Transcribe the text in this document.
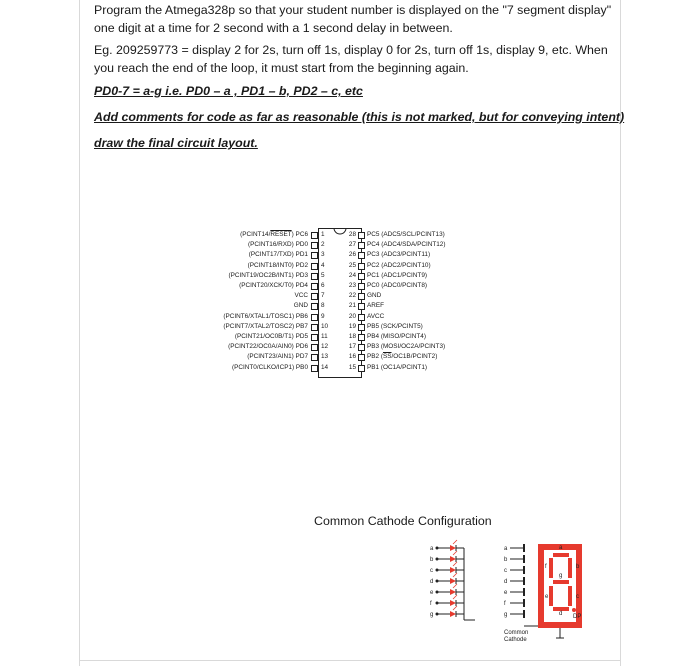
Program the Atmega328p so that your student number is displayed on the "7 segment display" one digit at a time for 2 second with a 1 second delay in between.

Eg. 209259773 = display 2 for 2s, turn off 1s, display 0 for 2s, turn off 1s, display 9, etc. When you reach the end of the loop, it must start from the beginning again.

PD0-7 = a-g i.e. PD0 – a , PD1 – b, PD2 – c, etc

Add comments for code as far as reasonable (this is not marked, but for conveying intent)

draw the final circuit layout.

(PCINT14/RESET) PC6 1
(PCINT16/RXD) PD0 2
(PCINT17/TXD) PD1 3
(PCINT18/INT0) PD2 4
(PCINT19/OC2B/INT1) PD3 5
(PCINT20/XCK/T0) PD4 6
VCC 7
GND 8
(PCINT6/XTAL1/TOSC1) PB6 9
(PCINT7/XTAL2/TOSC2) PB7 10
(PCINT21/OC0B/T1) PD5 11
(PCINT22/OC0A/AIN0) PD6 12
(PCINT23/AIN1) PD7 13
(PCINT0/CLKO/ICP1) PB0 14
28 PC5 (ADC5/SCL/PCINT13)
27 PC4 (ADC4/SDA/PCINT12)
26 PC3 (ADC3/PCINT11)
25 PC2 (ADC2/PCINT10)
24 PC1 (ADC1/PCINT9)
23 PC0 (ADC0/PCINT8)
22 GND
21 AREF
20 AVCC
19 PB5 (SCK/PCINT5)
18 PB4 (MISO/PCINT4)
17 PB3 (MOSI/OC2A/PCINT3)
16 PB2 $(\overline{SS}/OC1B/PCINT2)$
15 PB1 (OC1A/PCINT1)

Common Cathode Configuration

a
b
c
d
e
f
g
a
b
c
d
e
f
g
Common
Cathode
a
b
c
d
e
f
g
DP
